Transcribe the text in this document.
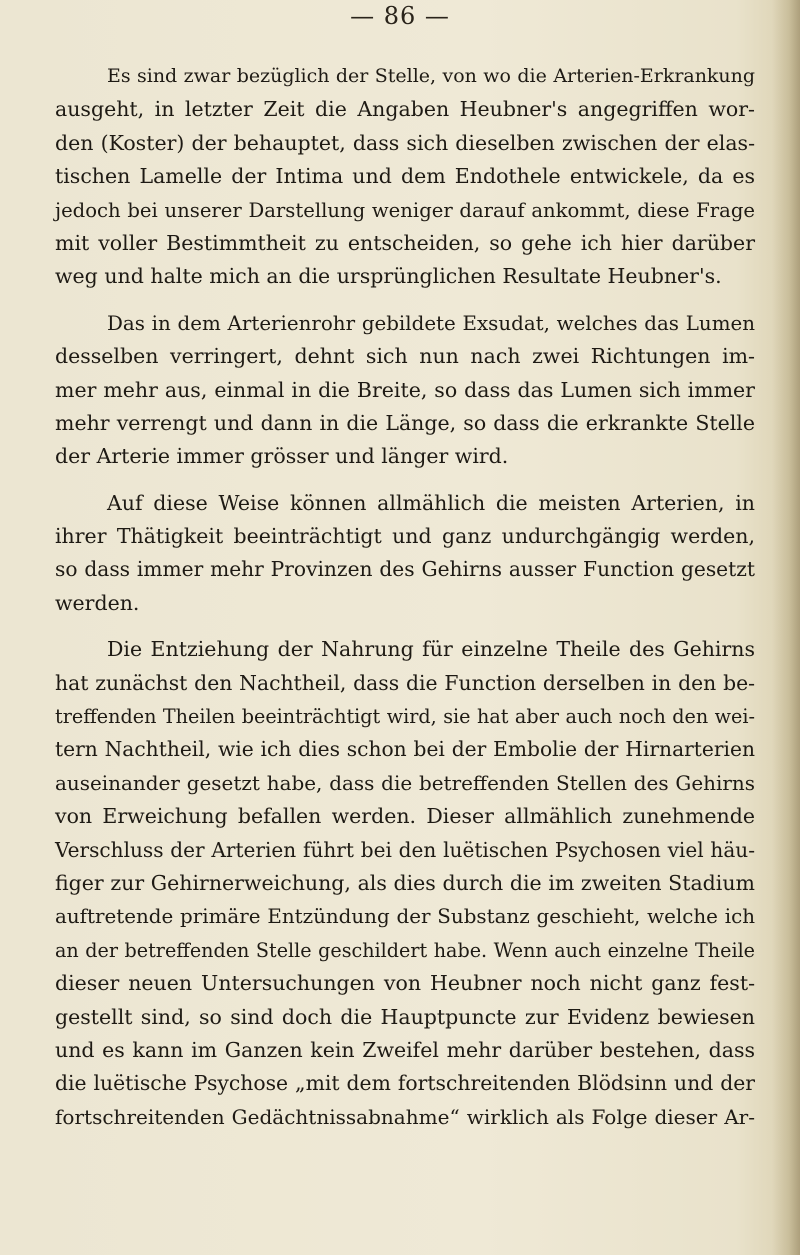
— 86 —
Es sind zwar bezüglich der Stelle, von wo die Arterien-Erkrankung
ausgeht, in letzter Zeit die Angaben Heubner's angegriffen wor-
den (Koster) der behauptet, dass sich dieselben zwischen der elas-
tischen Lamelle der Intima und dem Endothele entwickele, da es
jedoch bei unserer Darstellung weniger darauf ankommt, diese Frage
mit voller Bestimmtheit zu entscheiden, so gehe ich hier darüber
weg und halte mich an die ursprünglichen Resultate Heubner's.
Das in dem Arterienrohr gebildete Exsudat, welches das Lumen
desselben verringert, dehnt sich nun nach zwei Richtungen im-
mer mehr aus, einmal in die Breite, so dass das Lumen sich immer
mehr verrengt und dann in die Länge, so dass die erkrankte Stelle
der Arterie immer grösser und länger wird.
Auf diese Weise können allmählich die meisten Arterien, in
ihrer Thätigkeit beeinträchtigt und ganz undurchgängig werden,
so dass immer mehr Provinzen des Gehirns ausser Function gesetzt
werden.
Die Entziehung der Nahrung für einzelne Theile des Gehirns
hat zunächst den Nachtheil, dass die Function derselben in den be-
treffenden Theilen beeinträchtigt wird, sie hat aber auch noch den wei-
tern Nachtheil, wie ich dies schon bei der Embolie der Hirnarterien
auseinander gesetzt habe, dass die betreffenden Stellen des Gehirns
von Erweichung befallen werden. Dieser allmählich zunehmende
Verschluss der Arterien führt bei den luëtischen Psychosen viel häu-
figer zur Gehirnerweichung, als dies durch die im zweiten Stadium
auftretende primäre Entzündung der Substanz geschieht, welche ich
an der betreffenden Stelle geschildert habe. Wenn auch einzelne Theile
dieser neuen Untersuchungen von Heubner noch nicht ganz fest-
gestellt sind, so sind doch die Hauptpuncte zur Evidenz bewiesen
und es kann im Ganzen kein Zweifel mehr darüber bestehen, dass
die luëtische Psychose „mit dem fortschreitenden Blödsinn und der
fortschreitenden Gedächtnissabnahme“ wirklich als Folge dieser Ar-
